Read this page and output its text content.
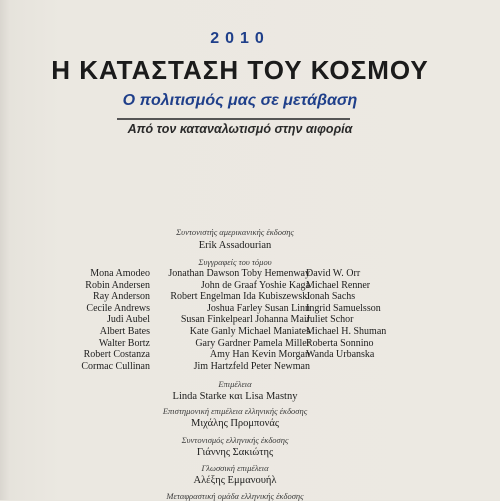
2010
Η ΚΑΤΑΣΤΑΣΗ ΤΟΥ ΚΟΣΜΟΥ
Ο πολιτισμός μας σε μετάβαση
Από τον καταναλωτισμό στην αιφορία
Συντονιστής αμερικανικής έκδοσης
Erik Assadourian
Συγγραφείς του τόμου
Mona Amodeo
Robin Andersen
Ray Anderson
Cecile Andrews
Judi Aubel
Albert Bates
Walter Bortz
Robert Costanza
Cormac Cullinan
Jonathan Dawson Toby Hemenway
John de Graaf Yoshie Kaga
Robert Engelman Ida Kubiszewski
Joshua Farley Susan Linn
Susan Finkelpearl Johanna Mair
Kate Ganly Michael Maniates
Gary Gardner Pamela Miller
Amy Han Kevin Morgan
Jim Hartzfeld Peter Newman
David W. Orr
Michael Renner
Jonah Sachs
Ingrid Samuelsson
Juliet Schor
Michael H. Shuman
Roberta Sonnino
Wanda Urbanska
Επιμέλεια
Linda Starke και Lisa Mastny
Επιστημονική επιμέλεια ελληνικής έκδοσης
Μιχάλης Προμπονάς
Συντονισμός ελληνικής έκδοσης
Γιάννης Σακιώτης
Γλωσσική επιμέλεια
Αλέξης Εμμανουήλ
Μεταφραστική ομάδα ελληνικής έκδοσης
